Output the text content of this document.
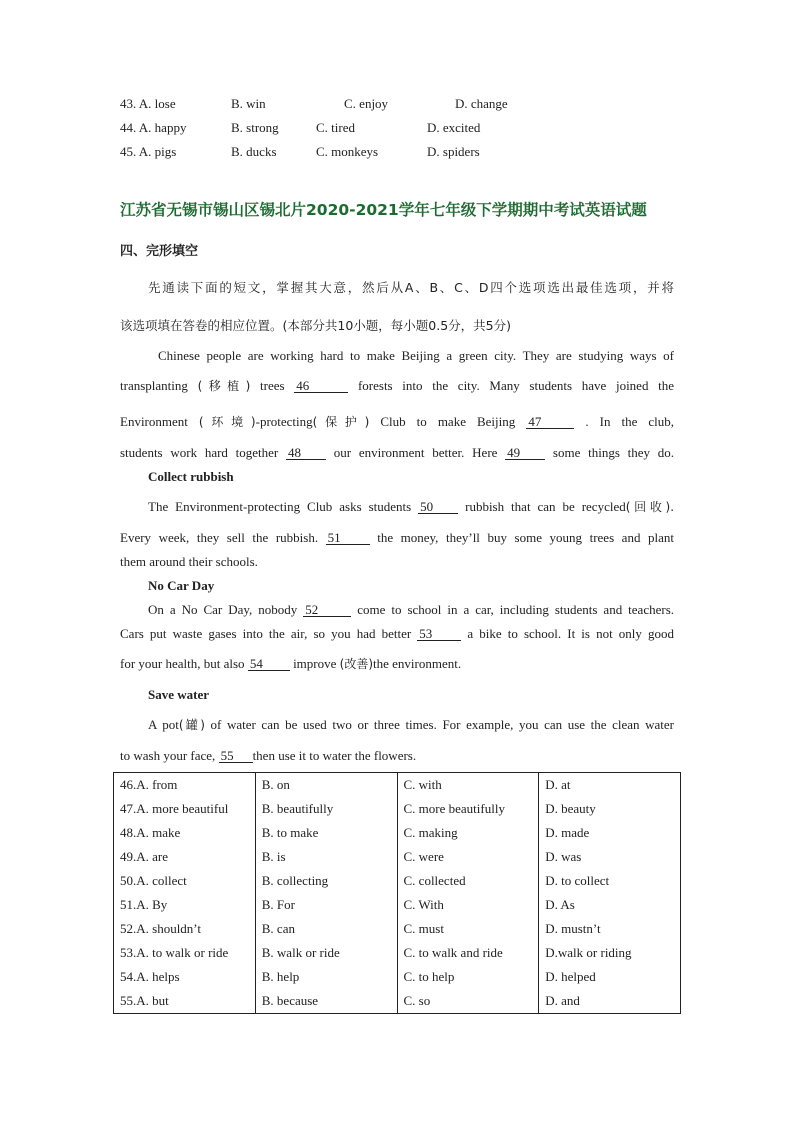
43. A. lose	B. win	C. enjoy	D. change
44. A. happy	B. strong	C. tired	D. excited
45. A. pigs	B. ducks	C. monkeys	D. spiders
江苏省无锡市锡山区锡北片2020-2021学年七年级下学期期中考试英语试题
四、完形填空
先通读下面的短文，掌握其大意，然后从A、B、C、D四个选项选出最佳选项，并将
该选项填在答卷的相应位置。(本部分共10小题，每小题0.5分，共5分)
Chinese people are working hard to make Beijing a green city. They are studying ways of
transplanting (移植) trees 46	forests into the city. Many students have joined the
Environment (环境)-protecting(保护) Club to make Beijing 47	. In the club,
students work hard together 48	our environment better. Here 49	some things they do.
Collect rubbish
The Environment-protecting Club asks students 50 rubbish that can be recycled(回收).
Every week, they sell the rubbish. 51	the money, they’ll buy some young trees and plant
them around their schools.
No Car Day
On a No Car Day, nobody 52	come to school in a car, including students and teachers.
Cars put waste gases into the air, so you had better 53	a bike to school. It is not only good
for your health, but also 54 improve (改善)the environment.
Save water
A pot(罐) of water can be used two or three times. For example, you can use the clean water
to wash your face, 55 then use it to water the flowers.
46.A. from	B. on	C. with	D. at
47.A. more beautiful	B. beautifully	C. more beautifully	D. beauty
48.A. make	B. to make	C. making	D. made
49.A. are	B. is	C. were	D. was
50.A. collect	B. collecting	C. collected	D. to collect
51.A. By	B. For	C. With	D. As
52.A. shouldn’t	B. can	C. must	D. mustn’t
53.A. to walk or ride	B. walk or ride	C. to walk and ride	D.walk or riding
54.A. helps	B. help	C. to help	D. helped
55.A. but	B. because	C. so	D. and
